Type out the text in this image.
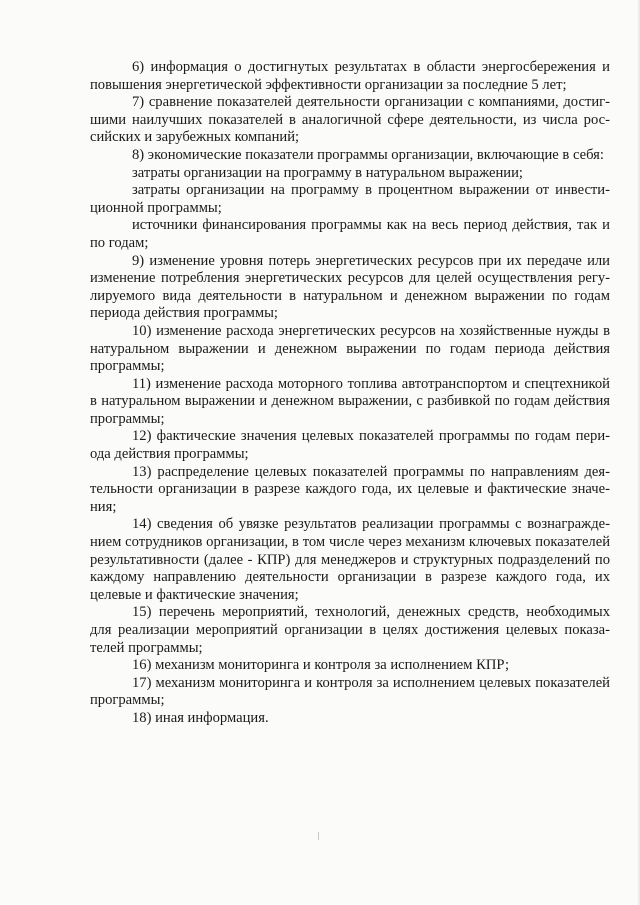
6) информация о достигнутых результатах в области энергосбережения и повышения энергетической эффективности организации за последние 5 лет;

7) сравнение показателей деятельности организации с компаниями, достигшими наилучших показателей в аналогичной сфере деятельности, из числа российских и зарубежных компаний;

8) экономические показатели программы организации, включающие в себя:

затраты организации на программу в натуральном выражении;

затраты организации на программу в процентном выражении от инвестиционной программы;

источники финансирования программы как на весь период действия, так и по годам;

9) изменение уровня потерь энергетических ресурсов при их передаче или изменение потребления энергетических ресурсов для целей осуществления регулируемого вида деятельности в натуральном и денежном выражении по годам периода действия программы;

10) изменение расхода энергетических ресурсов на хозяйственные нужды в натуральном выражении и денежном выражении по годам периода действия программы;

11) изменение расхода моторного топлива автотранспортом и спецтехникой в натуральном выражении и денежном выражении, с разбивкой по годам действия программы;

12) фактические значения целевых показателей программы по годам периода действия программы;

13) распределение целевых показателей программы по направлениям деятельности организации в разрезе каждого года, их целевые и фактические значения;

14) сведения об увязке результатов реализации программы с вознаграждением сотрудников организации, в том числе через механизм ключевых показателей результативности (далее - КПР) для менеджеров и структурных подразделений по каждому направлению деятельности организации в разрезе каждого года, их целевые и фактические значения;

15) перечень мероприятий, технологий, денежных средств, необходимых для реализации мероприятий организации в целях достижения целевых показателей программы;

16) механизм мониторинга и контроля за исполнением КПР;

17) механизм мониторинга и контроля за исполнением целевых показателей программы;

18) иная информация.
